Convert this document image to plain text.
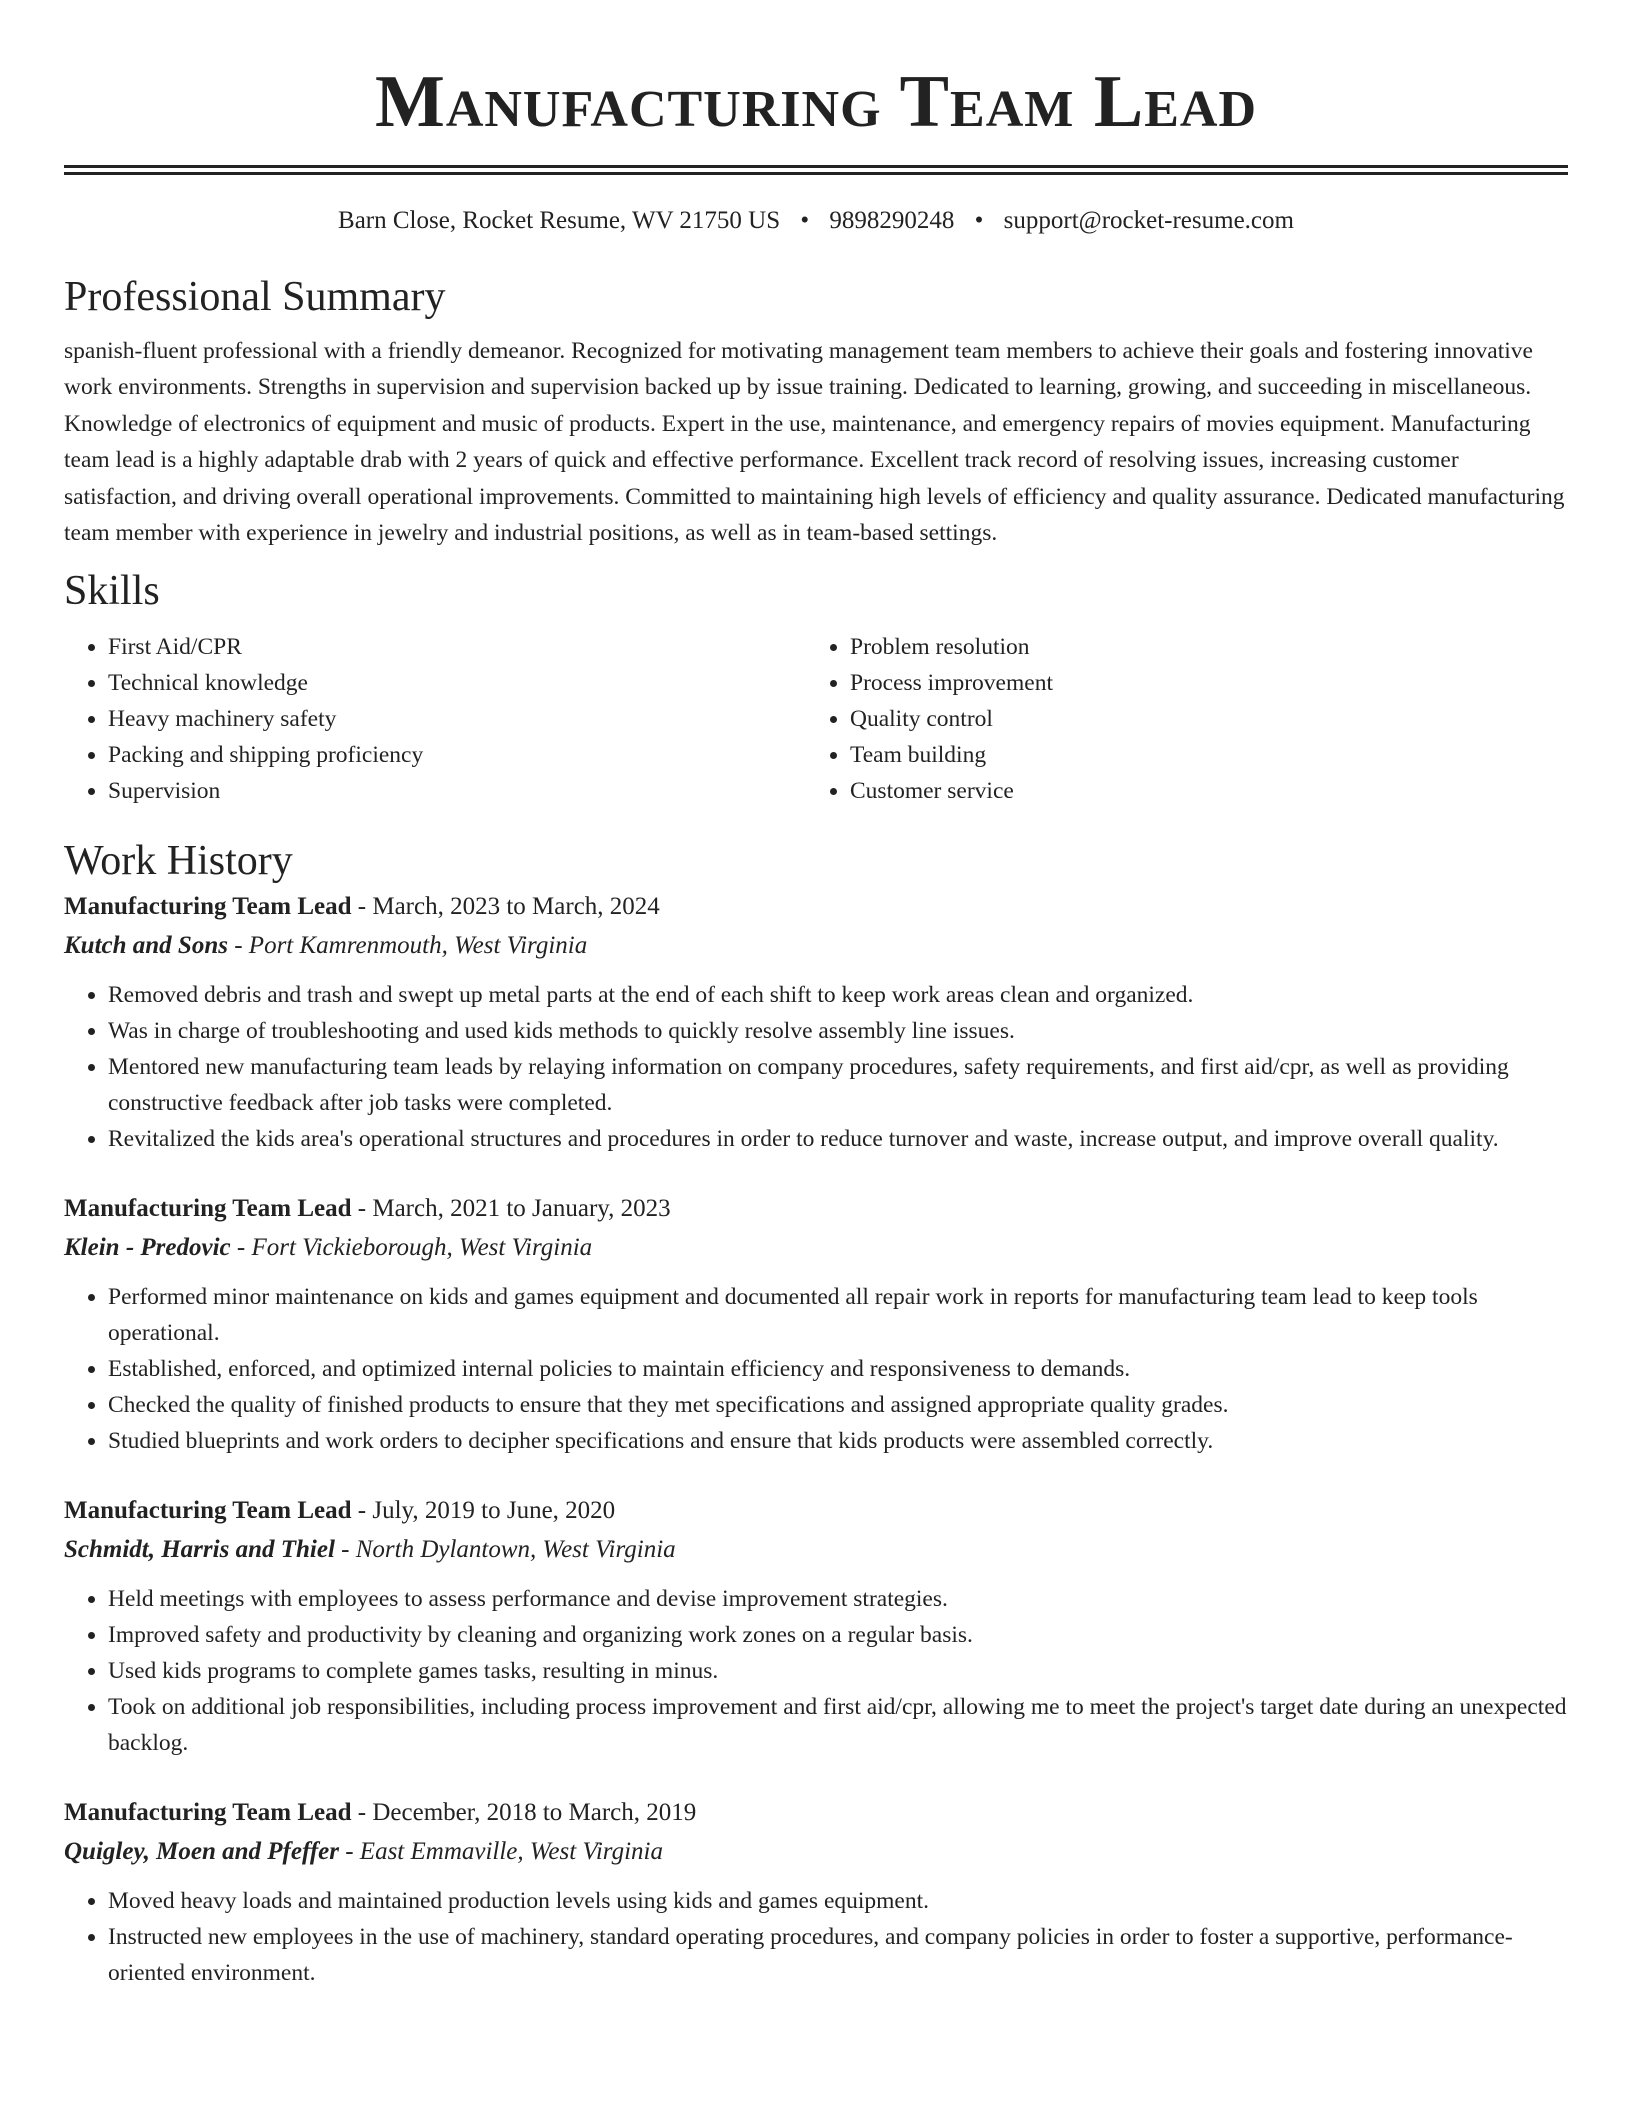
Manufacturing Team Lead
Barn Close, Rocket Resume, WV 21750 US • 9898290248 • support@rocket-resume.com
Professional Summary

spanish-fluent professional with a friendly demeanor. Recognized for motivating management team members to achieve their goals and fostering innovative work environments. Strengths in supervision and supervision backed up by issue training. Dedicated to learning, growing, and succeeding in miscellaneous. Knowledge of electronics of equipment and music of products. Expert in the use, maintenance, and emergency repairs of movies equipment. Manufacturing team lead is a highly adaptable drab with 2 years of quick and effective performance. Excellent track record of resolving issues, increasing customer satisfaction, and driving overall operational improvements. Committed to maintaining high levels of efficiency and quality assurance. Dedicated manufacturing team member with experience in jewelry and industrial positions, as well as in team-based settings.

Skills
• First Aid/CPR
• Technical knowledge
• Heavy machinery safety
• Packing and shipping proficiency
• Supervision
• Problem resolution
• Process improvement
• Quality control
• Team building
• Customer service
Work History

Manufacturing Team Lead - March, 2023 to March, 2024

Kutch and Sons - Port Kamrenmouth, West Virginia

• Removed debris and trash and swept up metal parts at the end of each shift to keep work areas clean and organized.
• Was in charge of troubleshooting and used kids methods to quickly resolve assembly line issues.
• Mentored new manufacturing team leads by relaying information on company procedures, safety requirements, and first aid/cpr, as well as providing constructive feedback after job tasks were completed.
• Revitalized the kids area's operational structures and procedures in order to reduce turnover and waste, increase output, and improve overall quality.

Manufacturing Team Lead - March, 2021 to January, 2023

Klein - Predovic - Fort Vickieborough, West Virginia

• Performed minor maintenance on kids and games equipment and documented all repair work in reports for manufacturing team lead to keep tools operational.
• Established, enforced, and optimized internal policies to maintain efficiency and responsiveness to demands.
• Checked the quality of finished products to ensure that they met specifications and assigned appropriate quality grades.
• Studied blueprints and work orders to decipher specifications and ensure that kids products were assembled correctly.

Manufacturing Team Lead - July, 2019 to June, 2020

Schmidt, Harris and Thiel - North Dylantown, West Virginia

• Held meetings with employees to assess performance and devise improvement strategies.
• Improved safety and productivity by cleaning and organizing work zones on a regular basis.
• Used kids programs to complete games tasks, resulting in minus.
• Took on additional job responsibilities, including process improvement and first aid/cpr, allowing me to meet the project's target date during an unexpected backlog.

Manufacturing Team Lead - December, 2018 to March, 2019

Quigley, Moen and Pfeffer - East Emmaville, West Virginia

• Moved heavy loads and maintained production levels using kids and games equipment.
• Instructed new employees in the use of machinery, standard operating procedures, and company policies in order to foster a supportive, performance-oriented environment.
